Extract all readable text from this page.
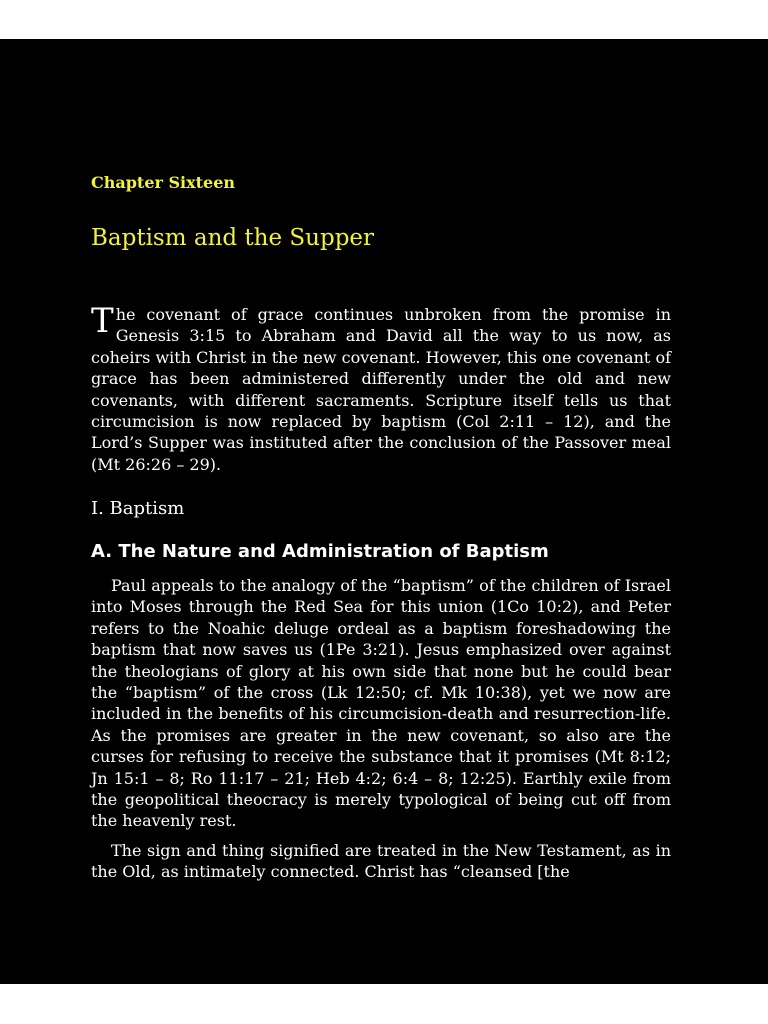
Chapter Sixteen

Baptism and the Supper

The covenant of grace continues unbroken from the promise in Genesis 3:15 to Abraham and David all the way to us now, as coheirs with Christ in the new covenant. However, this one covenant of grace has been administered differently under the old and new covenants, with different sacraments. Scripture itself tells us that circumcision is now replaced by baptism (Col 2:11 – 12), and the Lord’s Supper was instituted after the conclusion of the Passover meal (Mt 26:26 – 29).

I. Baptism
A. The Nature and Administration of Baptism

Paul appeals to the analogy of the “baptism” of the children of Israel into Moses through the Red Sea for this union (1Co 10:2), and Peter refers to the Noahic deluge ordeal as a baptism foreshadowing the baptism that now saves us (1Pe 3:21). Jesus emphasized over against the theologians of glory at his own side that none but he could bear the “baptism” of the cross (Lk 12:50; cf. Mk 10:38), yet we now are included in the benefits of his circumcision-death and resurrection-life. As the promises are greater in the new covenant, so also are the curses for refusing to receive the substance that it promises (Mt 8:12; Jn 15:1 – 8; Ro 11:17 – 21; Heb 4:2; 6:4 – 8; 12:25). Earthly exile from the geopolitical theocracy is merely typological of being cut off from the heavenly rest.

The sign and thing signified are treated in the New Testament, as in the Old, as intimately connected. Christ has “cleansed [the
